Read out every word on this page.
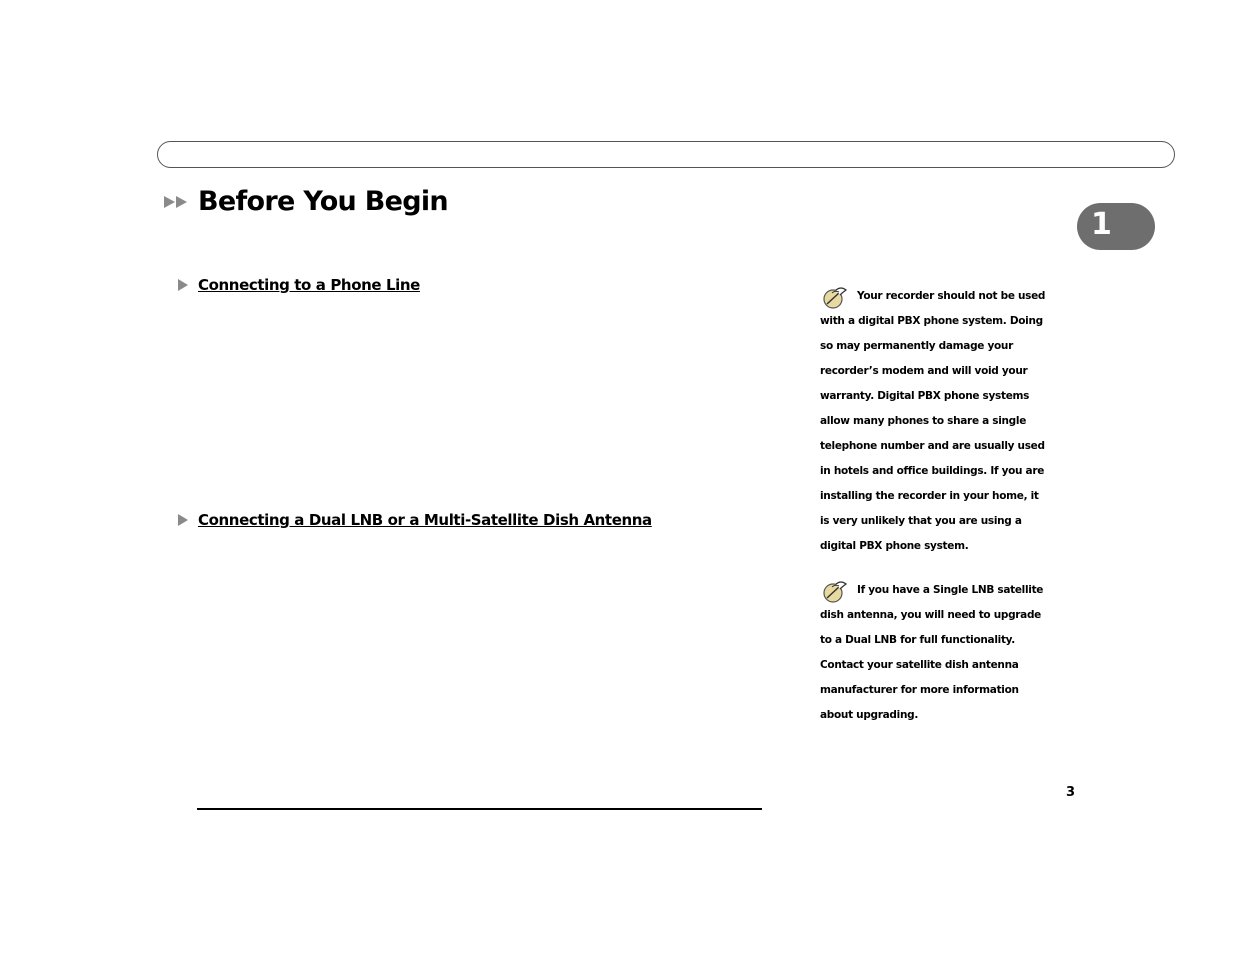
Before You Begin
1
Connecting to a Phone Line
Connecting a Dual LNB or a Multi-Satellite Dish Antenna
Your recorder should not be used with a digital PBX phone system. Doing so may permanently damage your recorder’s modem and will void your warranty. Digital PBX phone systems allow many phones to share a single telephone number and are usually used in hotels and office buildings. If you are installing the recorder in your home, it is very unlikely that you are using a digital PBX phone system.
If you have a Single LNB satellite dish antenna, you will need to upgrade to a Dual LNB for full functionality. Contact your satellite dish antenna manufacturer for more information about upgrading.
3
